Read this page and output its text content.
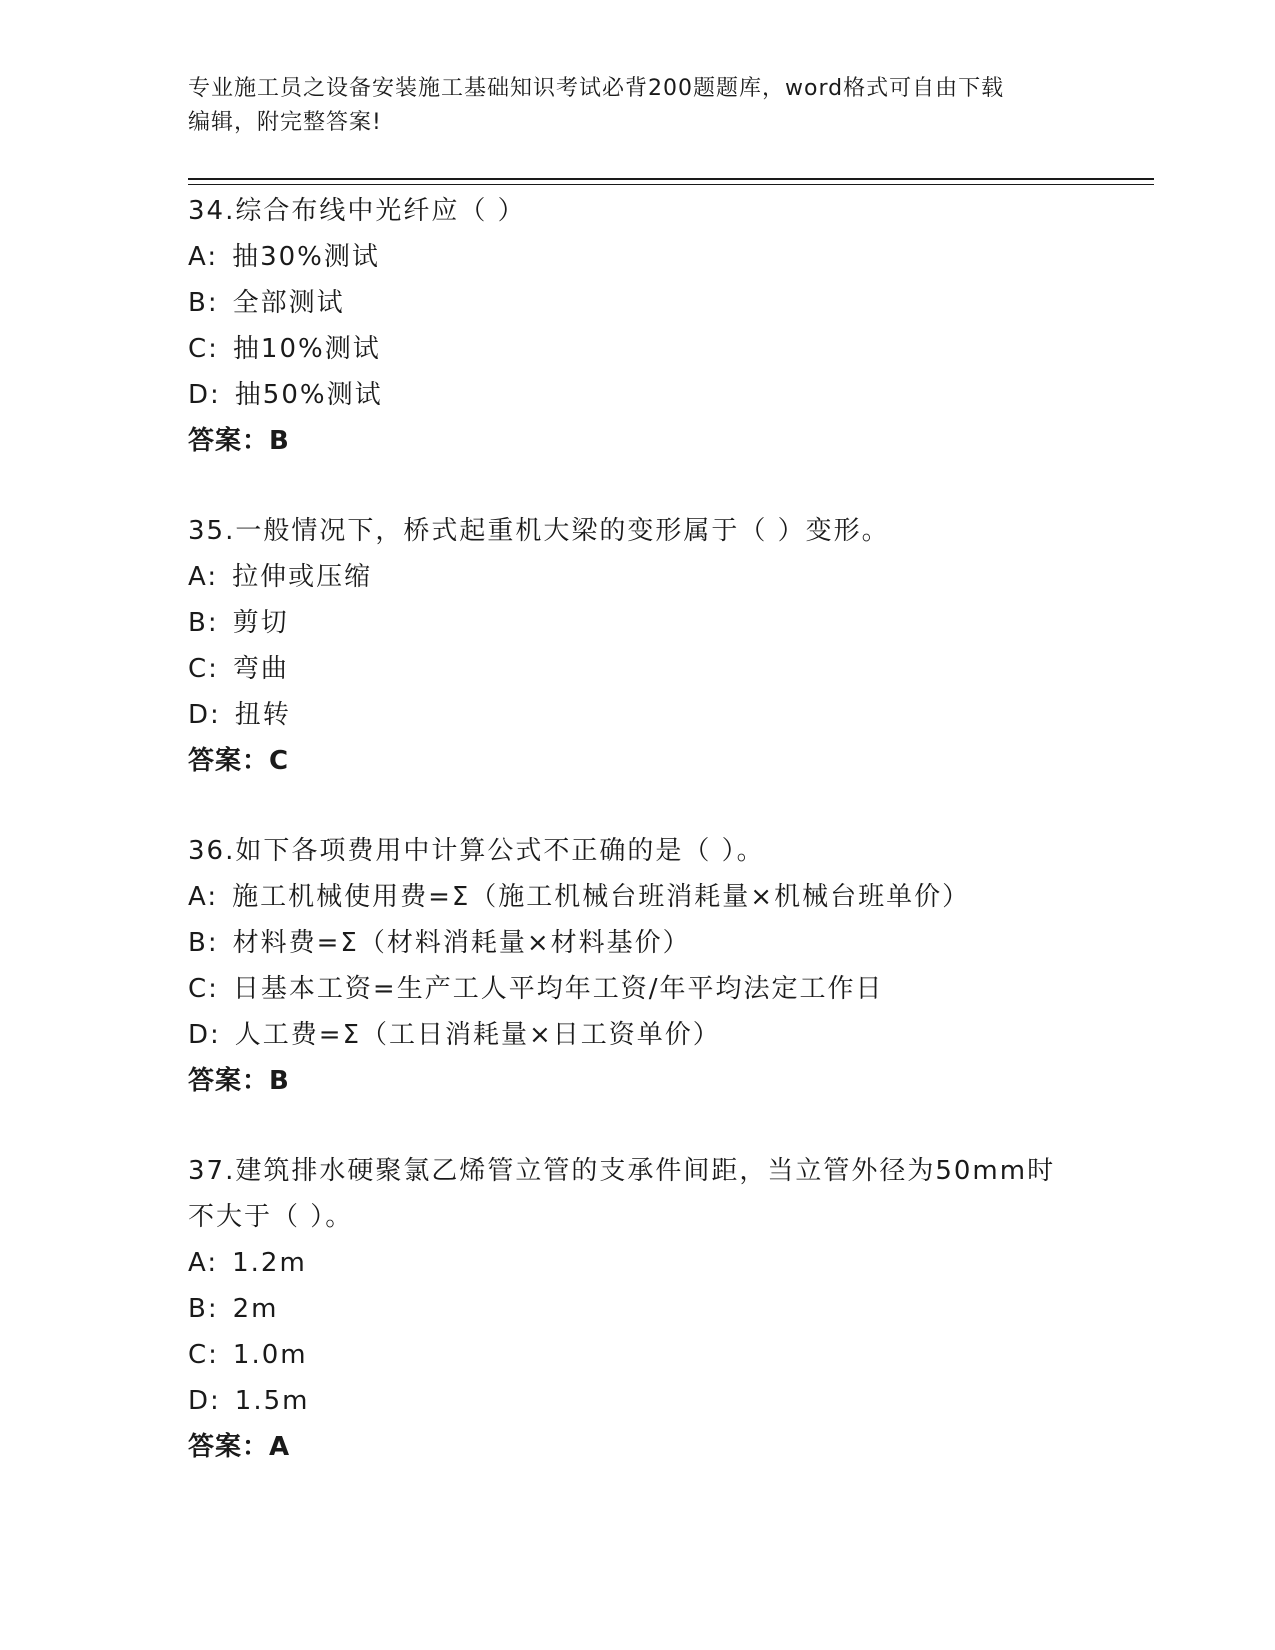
专业施工员之设备安装施工基础知识考试必背200题题库，word格式可自由下载
编辑，附完整答案!
34.综合布线中光纤应（ ）
A: 抽30%测试
B: 全部测试
C: 抽10%测试
D: 抽50%测试
答案：B
35.一般情况下，桥式起重机大梁的变形属于（ ）变形。
A: 拉伸或压缩
B: 剪切
C: 弯曲
D: 扭转
答案：C
36.如下各项费用中计算公式不正确的是（ ）。
A: 施工机械使用费=Σ（施工机械台班消耗量×机械台班单价）
B: 材料费=Σ（材料消耗量×材料基价）
C: 日基本工资=生产工人平均年工资/年平均法定工作日
D: 人工费=Σ（工日消耗量×日工资单价）
答案：B
37.建筑排水硬聚氯乙烯管立管的支承件间距，当立管外径为50mm时
不大于（ ）。
A: 1.2m
B: 2m
C: 1.0m
D: 1.5m
答案：A
